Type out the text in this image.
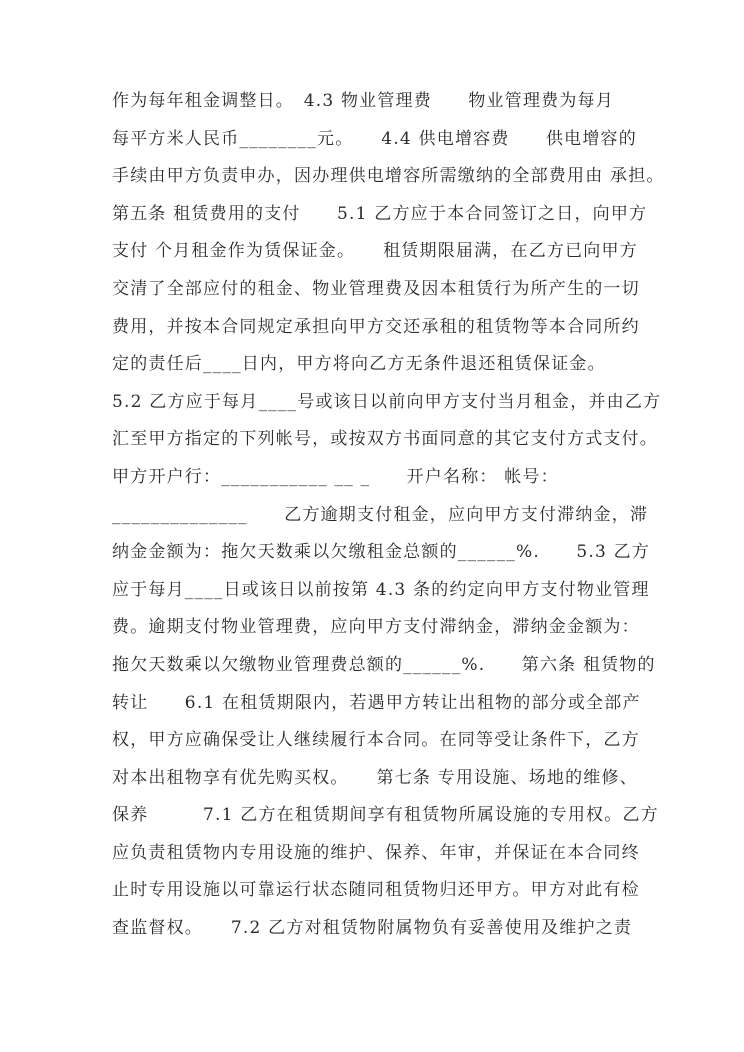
作为每年租金调整日。　4.3 物业管理费　　物业管理费为每月
每平方米人民币________元。　　4.4 供电增容费　　供电增容的
手续由甲方负责申办，因办理供电增容所需缴纳的全部费用由 承担。
第五条 租赁费用的支付　　5.1 乙方应于本合同签订之日，向甲方
支付 个月租金作为赁保证金。　　租赁期限届满，在乙方已向甲方
交清了全部应付的租金、物业管理费及因本租赁行为所产生的一切
费用，并按本合同规定承担向甲方交还承租的租赁物等本合同所约
定的责任后____日内，甲方将向乙方无条件退还租赁保证金。
5.2 乙方应于每月____号或该日以前向甲方支付当月租金，并由乙方
汇至甲方指定的下列帐号，或按双方书面同意的其它支付方式支付。
甲方开户行：___________ __ _　　开户名称： 帐号：
______________　　乙方逾期支付租金，应向甲方支付滞纳金，滞
纳金金额为：拖欠天数乘以欠缴租金总额的______%.　　5.3 乙方
应于每月____日或该日以前按第 4.3 条的约定向甲方支付物业管理
费。逾期支付物业管理费，应向甲方支付滞纳金，滞纳金金额为：
拖欠天数乘以欠缴物业管理费总额的______%.　　第六条 租赁物的
转让　　6.1 在租赁期限内，若遇甲方转让出租物的部分或全部产
权，甲方应确保受让人继续履行本合同。在同等受让条件下，乙方
对本出租物享有优先购买权。　　第七条 专用设施、场地的维修、
保养　　　7.1 乙方在租赁期间享有租赁物所属设施的专用权。乙方
应负责租赁物内专用设施的维护、保养、年审，并保证在本合同终
止时专用设施以可靠运行状态随同租赁物归还甲方。甲方对此有检
查监督权。　　7.2 乙方对租赁物附属物负有妥善使用及维护之责
